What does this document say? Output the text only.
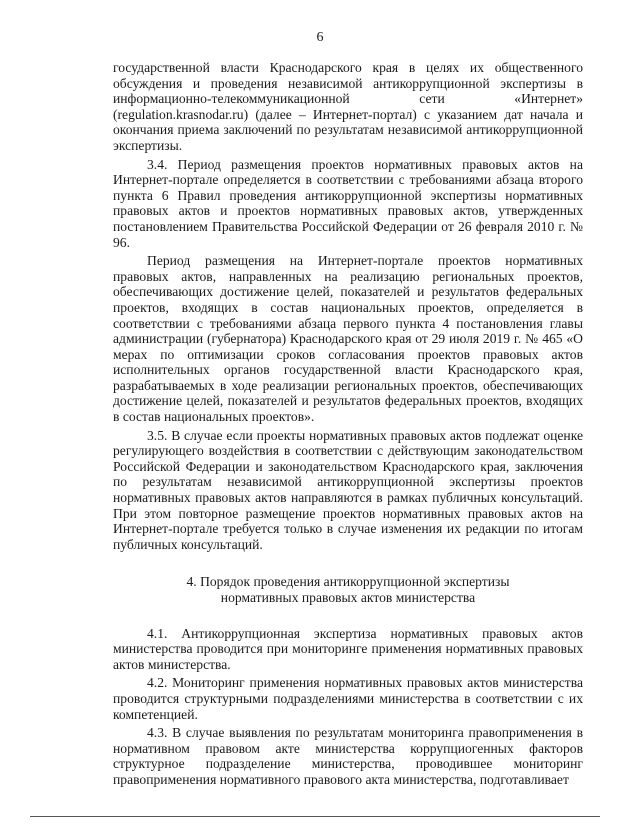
6

государственной власти Краснодарского края в целях их общественного обсуждения и проведения независимой антикоррупционной экспертизы в информационно-телекоммуникационной сети «Интернет» (regulation.krasnodar.ru) (далее – Интернет-портал) с указанием дат начала и окончания приема заключений по результатам независимой антикоррупционной экспертизы.

3.4. Период размещения проектов нормативных правовых актов на Интернет-портале определяется в соответствии с требованиями абзаца второго пункта 6 Правил проведения антикоррупционной экспертизы нормативных правовых актов и проектов нормативных правовых актов, утвержденных постановлением Правительства Российской Федерации от 26 февраля 2010 г. № 96.

Период размещения на Интернет-портале проектов нормативных правовых актов, направленных на реализацию региональных проектов, обеспечивающих достижение целей, показателей и результатов федеральных проектов, входящих в состав национальных проектов, определяется в соответствии с требованиями абзаца первого пункта 4 постановления главы администрации (губернатора) Краснодарского края от 29 июля 2019 г. № 465 «О мерах по оптимизации сроков согласования проектов правовых актов исполнительных органов государственной власти Краснодарского края, разрабатываемых в ходе реализации региональных проектов, обеспечивающих достижение целей, показателей и результатов федеральных проектов, входящих в состав национальных проектов».

3.5. В случае если проекты нормативных правовых актов подлежат оценке регулирующего воздействия в соответствии с действующим законодательством Российской Федерации и законодательством Краснодарского края, заключения по результатам независимой антикоррупционной экспертизы проектов нормативных правовых актов направляются в рамках публичных консультаций. При этом повторное размещение проектов нормативных правовых актов на Интернет-портале требуется только в случае изменения их редакции по итогам публичных консультаций.

4. Порядок проведения антикоррупционной экспертизы

нормативных правовых актов министерства

4.1. Антикоррупционная экспертиза нормативных правовых актов министерства проводится при мониторинге применения нормативных правовых актов министерства.

4.2. Мониторинг применения нормативных правовых актов министерства проводится структурными подразделениями министерства в соответствии с их компетенцией.

4.3. В случае выявления по результатам мониторинга правоприменения в нормативном правовом акте министерства коррупциогенных факторов структурное подразделение министерства, проводившее мониторинг правоприменения нормативного правового акта министерства, подготавливает
